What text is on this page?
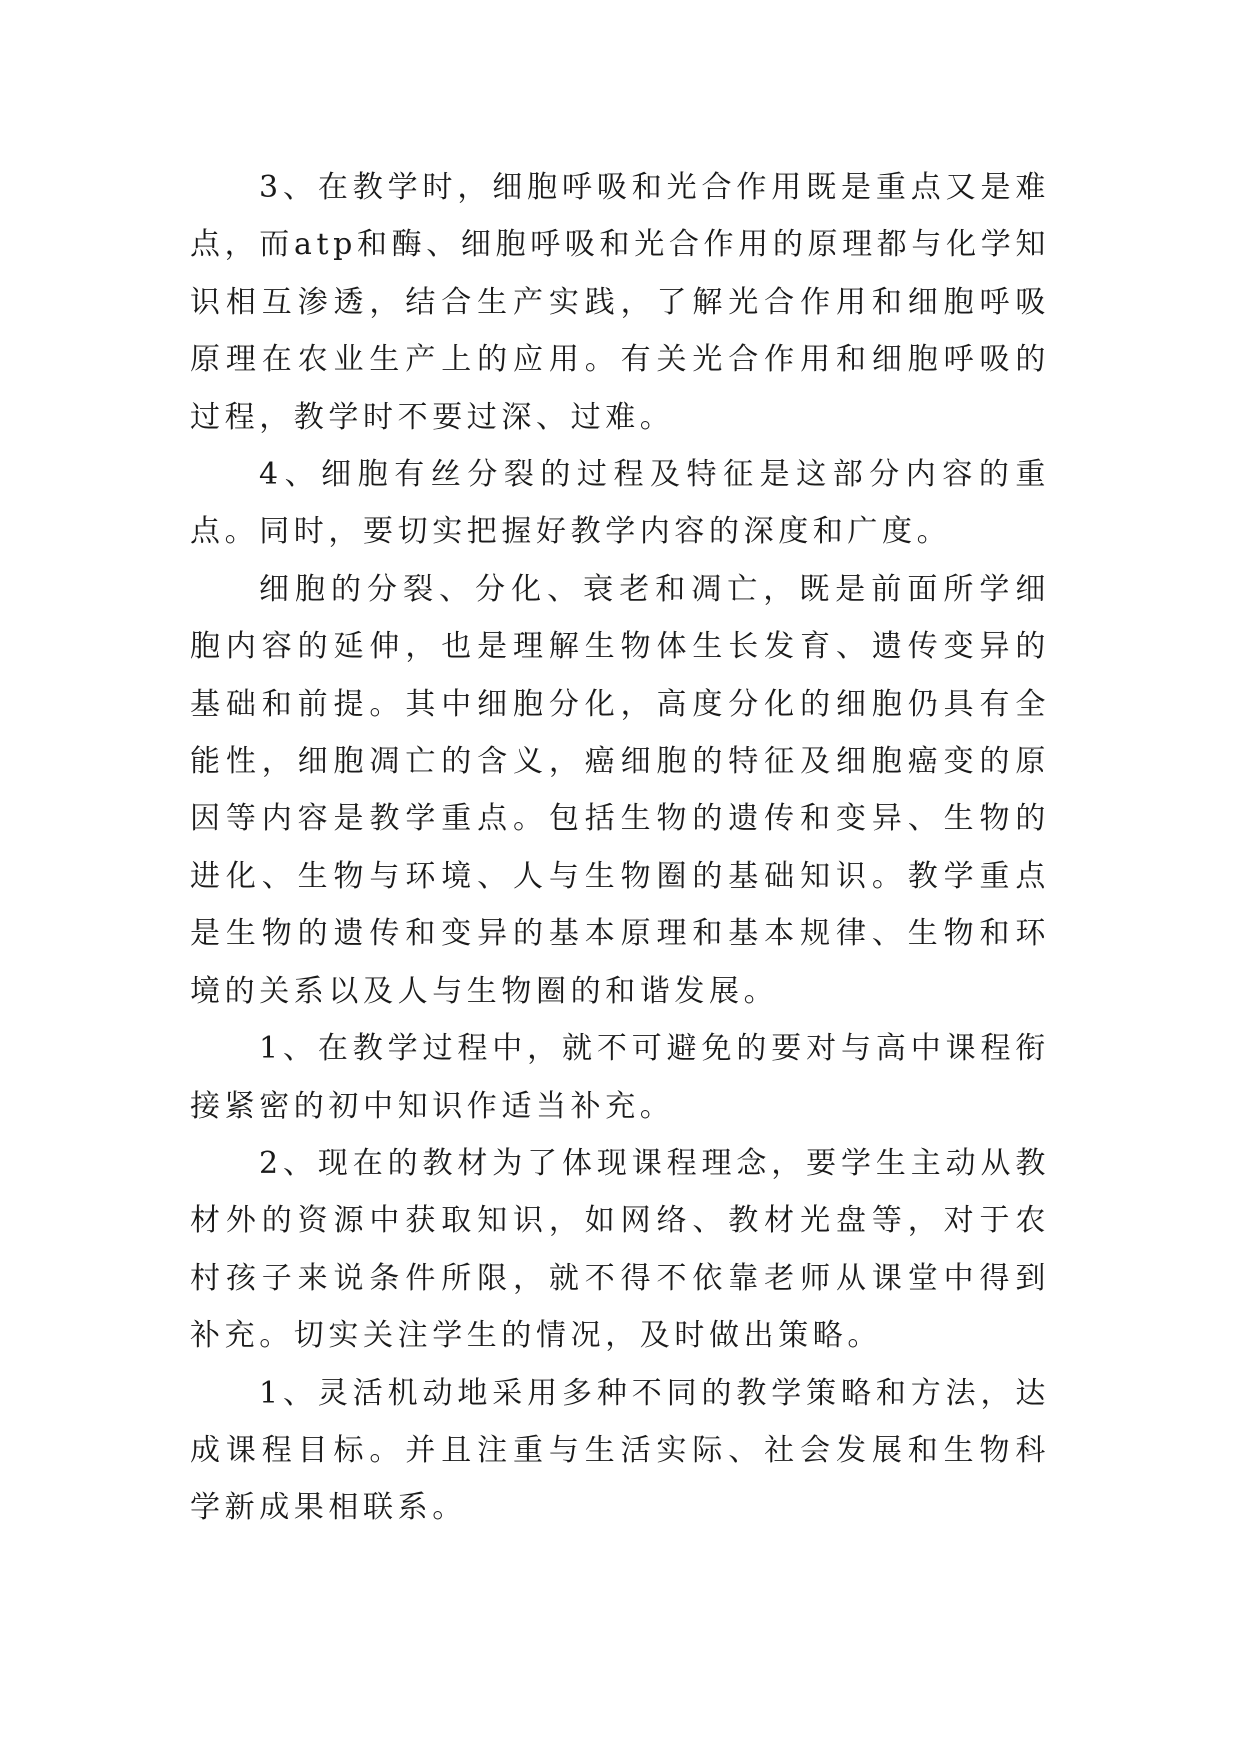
3、在教学时，细胞呼吸和光合作用既是重点又是难点，而atp和酶、细胞呼吸和光合作用的原理都与化学知识相互渗透，结合生产实践，了解光合作用和细胞呼吸原理在农业生产上的应用。有关光合作用和细胞呼吸的过程，教学时不要过深、过难。

4、细胞有丝分裂的过程及特征是这部分内容的重点。同时，要切实把握好教学内容的深度和广度。

细胞的分裂、分化、衰老和凋亡，既是前面所学细胞内容的延伸，也是理解生物体生长发育、遗传变异的基础和前提。其中细胞分化，高度分化的细胞仍具有全能性，细胞凋亡的含义，癌细胞的特征及细胞癌变的原因等内容是教学重点。包括生物的遗传和变异、生物的进化、生物与环境、人与生物圈的基础知识。教学重点是生物的遗传和变异的基本原理和基本规律、生物和环境的关系以及人与生物圈的和谐发展。

1、在教学过程中，就不可避免的要对与高中课程衔接紧密的初中知识作适当补充。

2、现在的教材为了体现课程理念，要学生主动从教材外的资源中获取知识，如网络、教材光盘等，对于农村孩子来说条件所限，就不得不依靠老师从课堂中得到补充。切实关注学生的情况，及时做出策略。

1、灵活机动地采用多种不同的教学策略和方法，达成课程目标。并且注重与生活实际、社会发展和生物科学新成果相联系。
